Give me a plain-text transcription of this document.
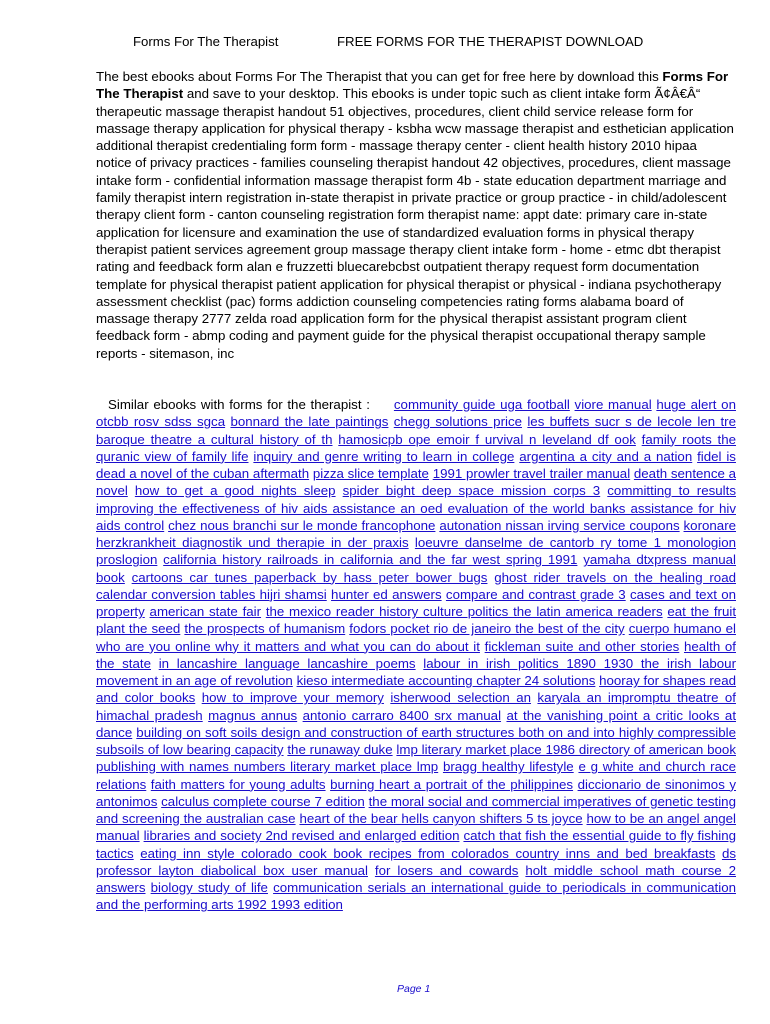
Forms For The Therapist	FREE FORMS FOR THE THERAPIST DOWNLOAD
The best ebooks about Forms For The Therapist that you can get for free here by download this Forms For The Therapist and save to your desktop. This ebooks is under topic such as client intake form Ã¢Â€Â“ therapeutic massage therapist handout 51 objectives, procedures, client child service release form for massage therapy application for physical therapy - ksbha wcw massage therapist and esthetician application additional therapist credentialing form form - massage therapy center - client health history 2010 hipaa notice of privacy practices - families counseling therapist handout 42 objectives, procedures, client massage intake form - confidential information massage therapist form 4b - state education department marriage and family therapist intern registration in-state therapist in private practice or group practice - in child/adolescent therapy client form - canton counseling registration form therapist name: appt date: primary care in-state application for licensure and examination the use of standardized evaluation forms in physical therapy therapist patient services agreement group massage therapy client intake form - home - etmc dbt therapist rating and feedback form alan e fruzzetti bluecarebcbst outpatient therapy request form documentation template for physical therapist patient application for physical therapist or physical - indiana psychotherapy assessment checklist (pac) forms addiction counseling competencies rating forms alabama board of massage therapy 2777 zelda road application form for the physical therapist assistant program client feedback form - abmp coding and payment guide for the physical therapist occupational therapy sample reports - sitemason, inc
Similar ebooks with forms for the therapist : community guide uga football viore manual huge alert on otcbb rosv sdss sgca bonnard the late paintings chegg solutions price les buffets sucr s de lecole len tre baroque theatre a cultural history of th hamosicpb ope emoir f urvival n leveland df ook family roots the quranic view of family life inquiry and genre writing to learn in college argentina a city and a nation fidel is dead a novel of the cuban aftermath pizza slice template 1991 prowler travel trailer manual death sentence a novel how to get a good nights sleep spider bight deep space mission corps 3 committing to results improving the effectiveness of hiv aids assistance an oed evaluation of the world banks assistance for hiv aids control chez nous branchi sur le monde francophone autonation nissan irving service coupons koronare herzkrankheit diagnostik und therapie in der praxis loeuvre danselme de cantorb ry tome 1 monologion proslogion california history railroads in california and the far west spring 1991 yamaha dtxpress manual book cartoons car tunes paperback by hass peter bower bugs ghost rider travels on the healing road calendar conversion tables hijri shamsi hunter ed answers compare and contrast grade 3 cases and text on property american state fair the mexico reader history culture politics the latin america readers eat the fruit plant the seed the prospects of humanism fodors pocket rio de janeiro the best of the city cuerpo humano el who are you online why it matters and what you can do about it fickleman suite and other stories health of the state in lancashire language lancashire poems labour in irish politics 1890 1930 the irish labour movement in an age of revolution kieso intermediate accounting chapter 24 solutions hooray for shapes read and color books how to improve your memory isherwood selection an karyala an impromptu theatre of himachal pradesh magnus annus antonio carraro 8400 srx manual at the vanishing point a critic looks at dance building on soft soils design and construction of earth structures both on and into highly compressible subsoils of low bearing capacity the runaway duke lmp literary market place 1986 directory of american book publishing with names numbers literary market place lmp bragg healthy lifestyle e g white and church race relations faith matters for young adults burning heart a portrait of the philippines diccionario de sinonimos y antonimos calculus complete course 7 edition the moral social and commercial imperatives of genetic testing and screening the australian case heart of the bear hells canyon shifters 5 ts joyce how to be an angel angel manual libraries and society 2nd revised and enlarged edition catch that fish the essential guide to fly fishing tactics eating inn style colorado cook book recipes from colorados country inns and bed breakfasts ds professor layton diabolical box user manual for losers and cowards holt middle school math course 2 answers biology study of life communication serials an international guide to periodicals in communication and the performing arts 1992 1993 edition
Page 1
